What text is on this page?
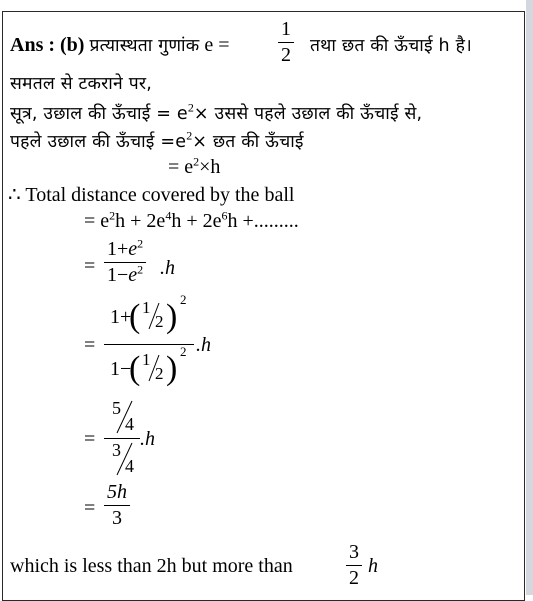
Ans : (b) प्रत्यास्थता गुणांक e =
1
2 तथा छत की ऊँचाई h है।
समतल से टकराने पर,
सूत्र, उछाल की ऊँचाई = $e^2\times$ उससे पहले उछाल की ऊँचाई से,
पहले उछाल की ऊँचाई $=e^2\times$ छत की ऊँचाई
= $e^2\times h$
∴ Total distance covered by the ball
= $e^2h + 2e^4h + 2e^6h$ +.........
=
$1+e^2$
$1-e^2$ .h
=
1+
( 1
2 ) 2
1−
( 1
2 ) 2 .h
=
5
4
3
4
.h
=
5h
3
which is less than 2h but more than
3
2
h
